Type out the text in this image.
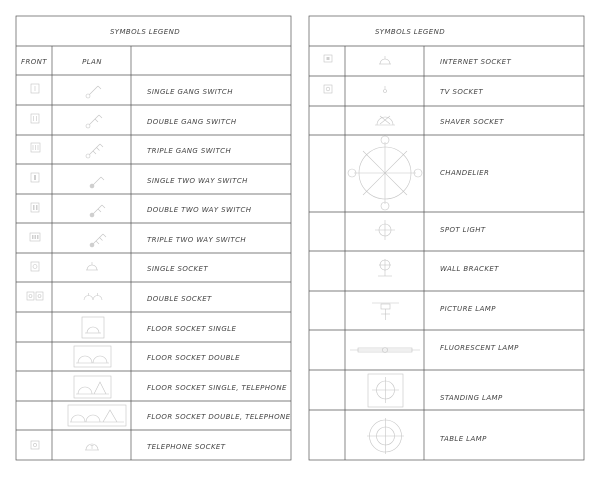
SYMBOLS LEGEND
FRONT	PLAN
SINGLE GANG SWITCH
DOUBLE GANG SWITCH
TRIPLE GANG SWITCH
SINGLE TWO WAY SWITCH
DOUBLE TWO WAY SWITCH
TRIPLE TWO WAY SWITCH
SINGLE SOCKET
DOUBLE SOCKET
FLOOR SOCKET SINGLE
FLOOR SOCKET DOUBLE
FLOOR SOCKET SINGLE, TELEPHONE
FLOOR SOCKET DOUBLE, TELEPHONE
TELEPHONE SOCKET
T
SYMBOLS LEGEND
INTERNET SOCKET
TV SOCKET
SHAVER SOCKET
CHANDELIER
SPOT LIGHT
WALL BRACKET
PICTURE LAMP
FLUORESCENT LAMP
STANDING LAMP
TABLE LAMP
